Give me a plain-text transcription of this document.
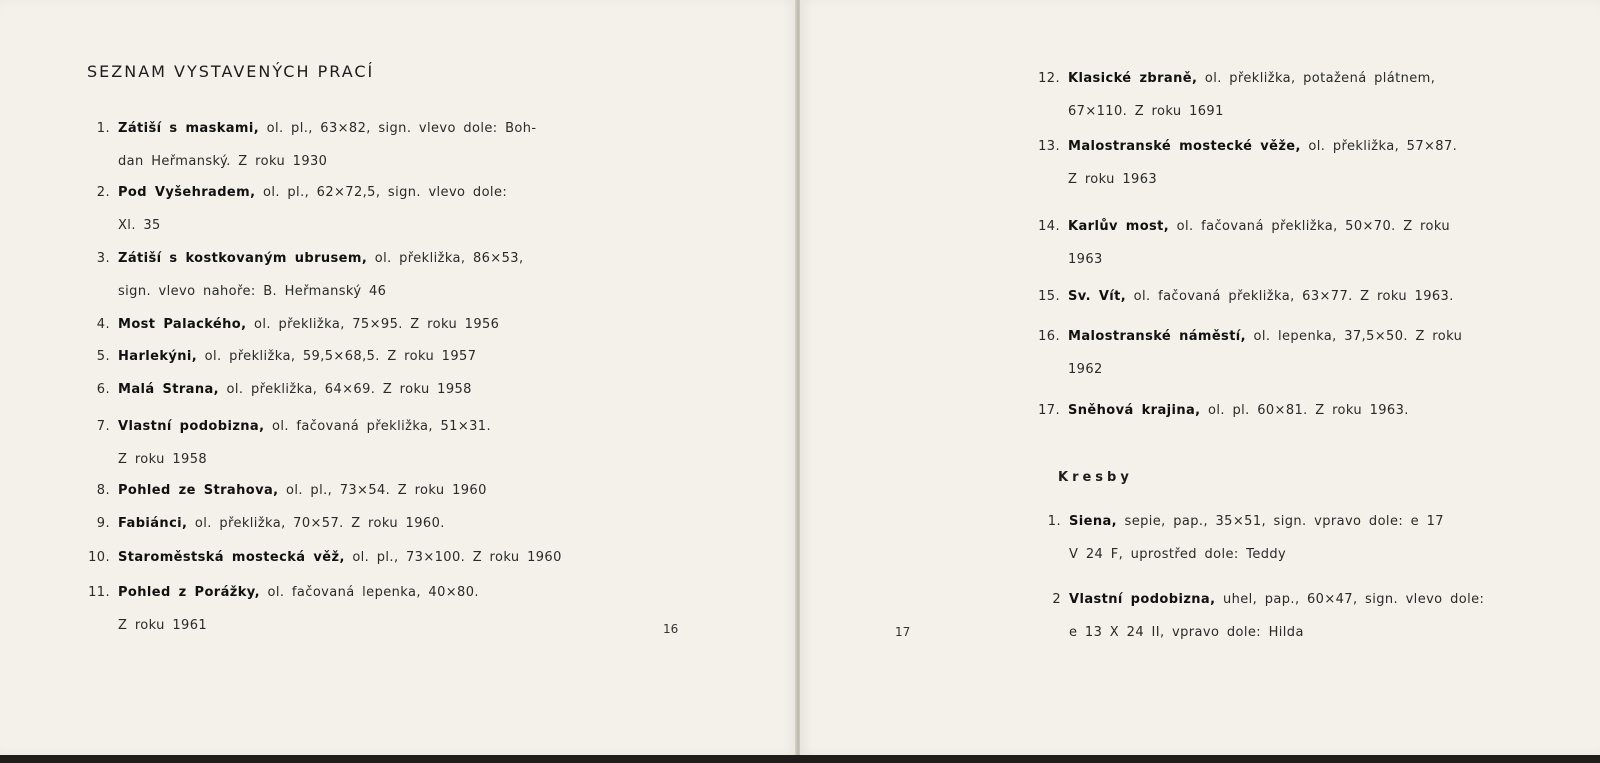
SEZNAM VYSTAVENÝCH PRACÍ
1. Zátiší s maskami, ol. pl., 63×82, sign. vlevo dole: Boh-
dan Heřmanský. Z roku 1930
2. Pod Vyšehradem, ol. pl., 62×72,5, sign. vlevo dole:
Xl. 35
3. Zátiší s kostkovaným ubrusem, ol. překližka, 86×53,
sign. vlevo nahoře: B. Heřmanský 46
4. Most Palackého, ol. překližka, 75×95. Z roku 1956
5. Harlekýni, ol. překližka, 59,5×68,5. Z roku 1957
6. Malá Strana, ol. překližka, 64×69. Z roku 1958
7. Vlastní podobizna, ol. fačovaná překližka, 51×31.
Z roku 1958
8. Pohled ze Strahova, ol. pl., 73×54. Z roku 1960
9. Fabiánci, ol. překližka, 70×57. Z roku 1960.
10. Staroměstská mostecká věž, ol. pl., 73×100. Z roku 1960
11. Pohled z Porážky, ol. fačovaná lepenka, 40×80.
Z roku 1961	16
12. Klasické zbraně, ol. překližka, potažená plátnem,
67×110. Z roku 1691
13. Malostranské mostecké věže, ol. překližka, 57×87.
Z roku 1963
14. Karlův most, ol. fačovaná překližka, 50×70. Z roku
1963
15. Sv. Vít, ol. fačovaná překližka, 63×77. Z roku 1963.
16. Malostranské náměstí, ol. lepenka, 37,5×50. Z roku
1962
17. Sněhová krajina, ol. pl. 60×81. Z roku 1963.
17
Kresby
1. Siena, sepie, pap., 35×51, sign. vpravo dole: e 17
V 24 F, uprostřed dole: Teddy
2 Vlastní podobizna, uhel, pap., 60×47, sign. vlevo dole:
e 13 X 24 II, vpravo dole: Hilda
